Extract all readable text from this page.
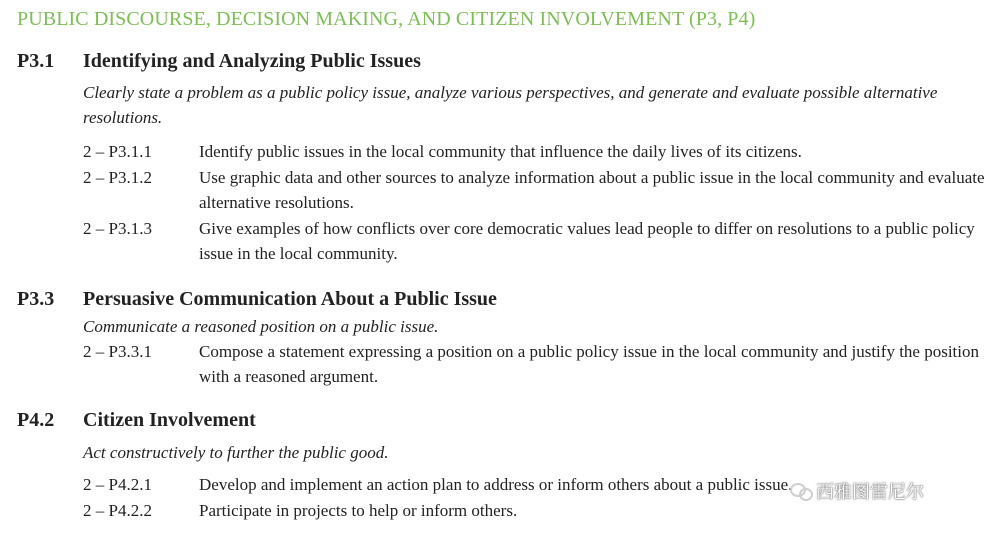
PUBLIC DISCOURSE, DECISION MAKING, AND CITIZEN INVOLVEMENT (P3, P4)
P3.1 Identifying and Analyzing Public Issues
Clearly state a problem as a public policy issue, analyze various perspectives, and generate and evaluate possible alternative resolutions.
2 – P3.1.1	Identify public issues in the local community that influence the daily lives of its citizens.
2 – P3.1.2	Use graphic data and other sources to analyze information about a public issue in the local community and evaluate alternative resolutions.
2 – P3.1.3	Give examples of how conflicts over core democratic values lead people to differ on resolutions to a public policy issue in the local community.
P3.3 Persuasive Communication About a Public Issue
Communicate a reasoned position on a public issue.
2 – P3.3.1	Compose a statement expressing a position on a public policy issue in the local community and justify the position with a reasoned argument.
P4.2 Citizen Involvement
Act constructively to further the public good.
2 – P4.2.1	Develop and implement an action plan to address or inform others about a public issue.
2 – P4.2.2	Participate in projects to help or inform others.
西雅图雷尼尔
